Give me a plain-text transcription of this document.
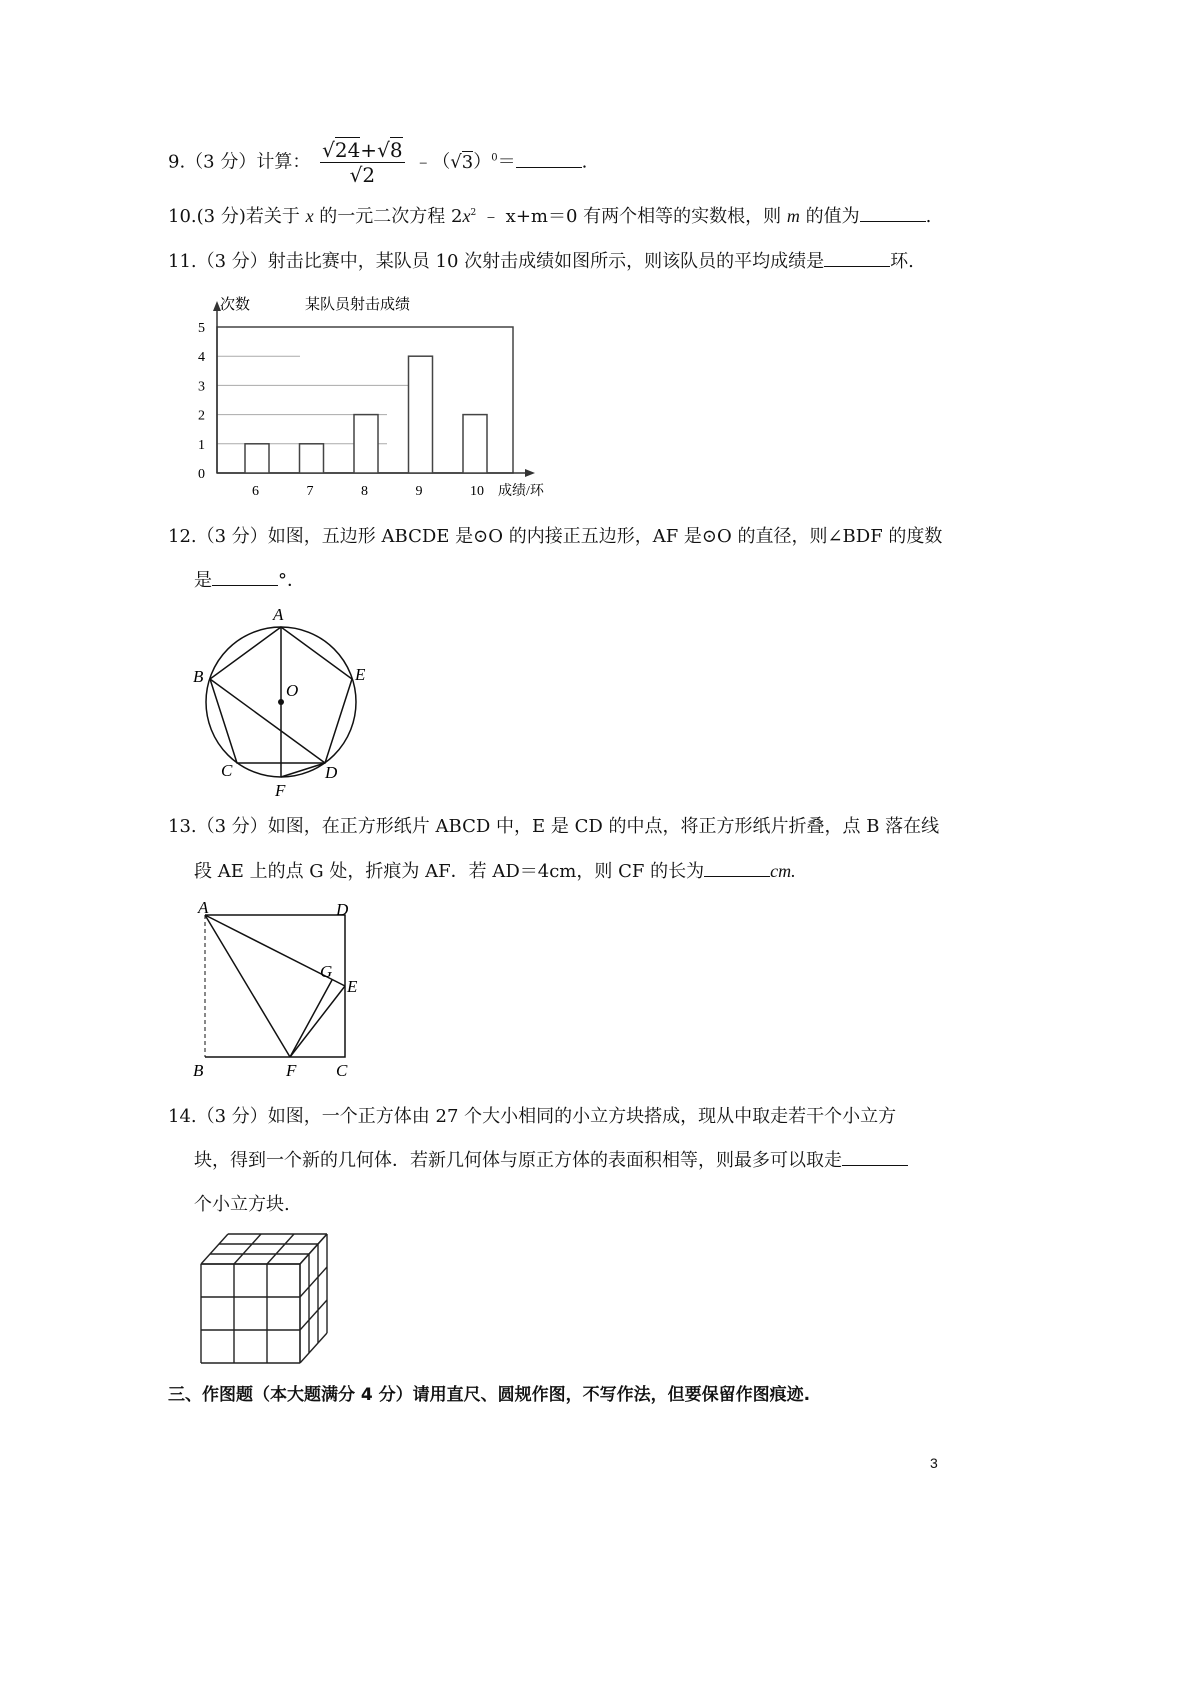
9.（3 分）计算： $\frac{√24+√8}{√2}$ $﹣(√3)^0=$	.
10.(3 分)若关于 x 的一元二次方程 $2x^2$ ﹣ x+m＝0 有两个相等的实数根，则 m 的值为	.
11.（3 分）射击比赛中，某队员 10 次射击成绩如图所示，则该队员的平均成绩是	环.
某队员射击成绩
次数
成绩/环
0
1
2
3
4
5
6	7	8	9	10
12.（3 分）如图，五边形 ABCDE 是⊙O 的内接正五边形，AF 是⊙O 的直径，则∠BDF 的度数
是	°．
A
B
C	D
E
F
O
13.（3 分）如图，在正方形纸片 ABCD 中，E 是 CD 的中点，将正方形纸片折叠，点 B 落在线
段 AE 上的点 G 处，折痕为 AF．若 AD＝4cm，则 CF 的长为	cm.
A	D
G
E
B	F C
14.（3 分）如图，一个正方体由 27 个大小相同的小立方块搭成，现从中取走若干个小立方
块，得到一个新的几何体．若新几何体与原正方体的表面积相等，则最多可以取走
个小立方块.
三、作图题（本大题满分 4 分）请用直尺、圆规作图，不写作法，但要保留作图痕迹.
3
